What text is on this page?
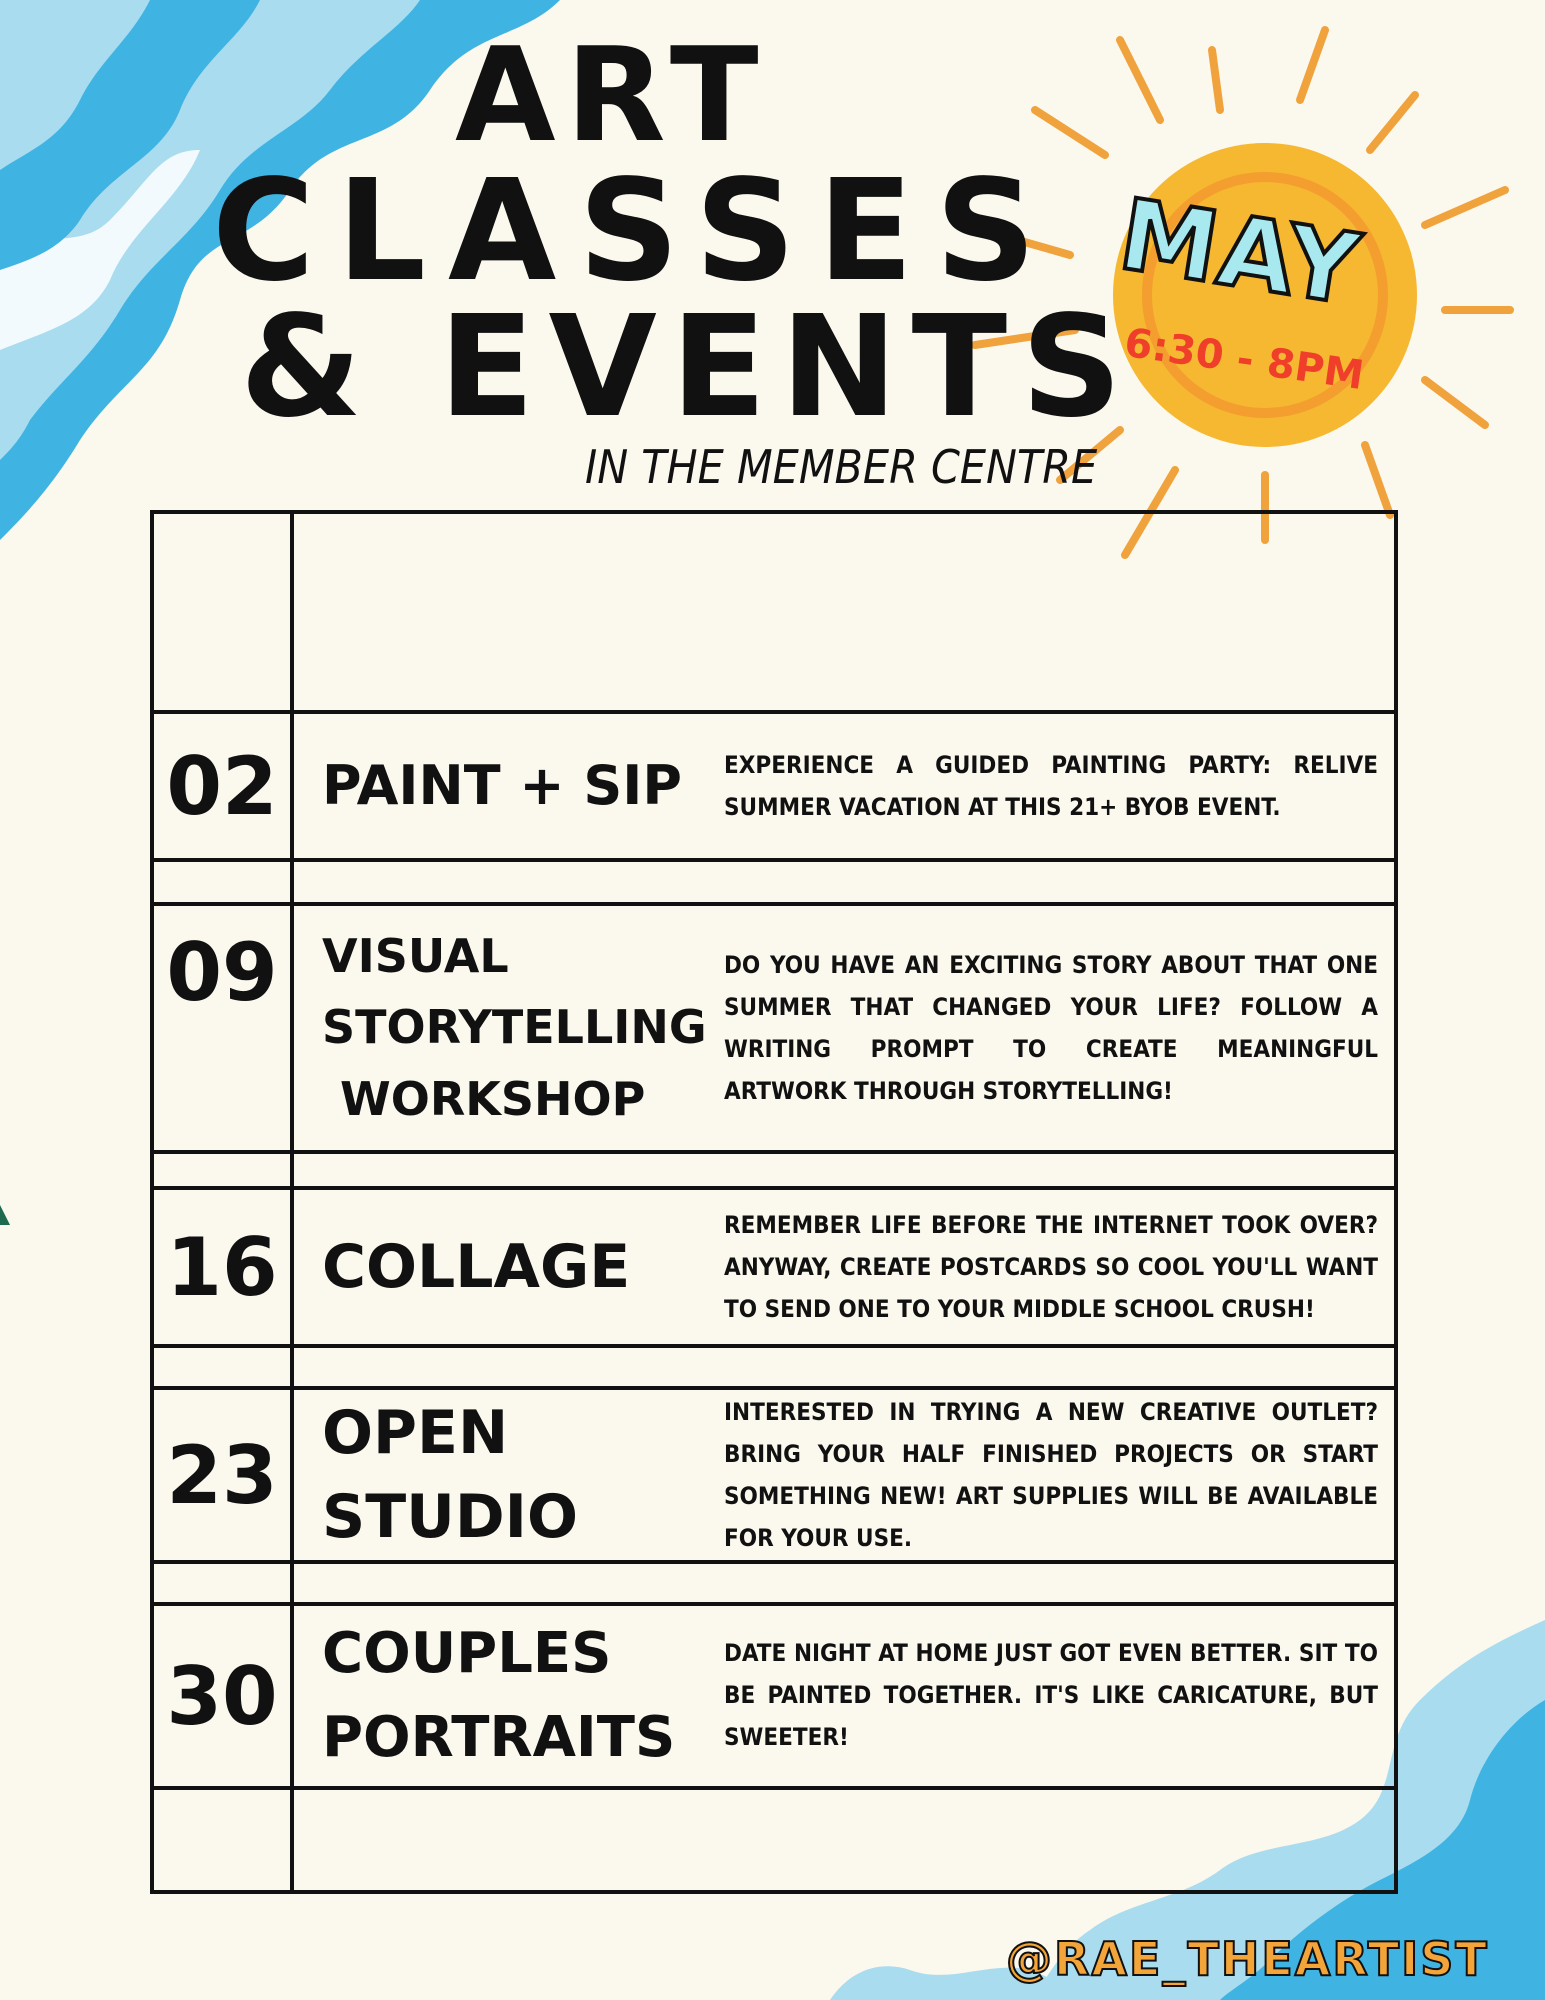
ART
CLASSES
& EVENTS

IN THE MEMBER CENTRE

MAY

6:30 - 8PM

02 PAINT + SIP	EXPERIENCE A GUIDED PAINTING PARTY: RELIVE SUMMER VACATION AT THIS 21+ BYOB EVENT.
09 VISUAL
STORYTELLING
WORKSHOP
DO YOU HAVE AN EXCITING STORY ABOUT THAT ONE SUMMER THAT CHANGED YOUR LIFE? FOLLOW A WRITING PROMPT TO CREATE MEANINGFUL ARTWORK THROUGH STORYTELLING!
16 COLLAGE
REMEMBER LIFE BEFORE THE INTERNET TOOK OVER? ANYWAY, CREATE POSTCARDS SO COOL YOU'LL WANT TO SEND ONE TO YOUR MIDDLE SCHOOL CRUSH!
23 OPEN
STUDIO
INTERESTED IN TRYING A NEW CREATIVE OUTLET? BRING YOUR HALF FINISHED PROJECTS OR START SOMETHING NEW! ART SUPPLIES WILL BE AVAILABLE FOR YOUR USE.
30 COUPLES
PORTRAITS
DATE NIGHT AT HOME JUST GOT EVEN BETTER. SIT TO BE PAINTED TOGETHER. IT'S LIKE CARICATURE, BUT SWEETER!

@RAE_THEARTIST
